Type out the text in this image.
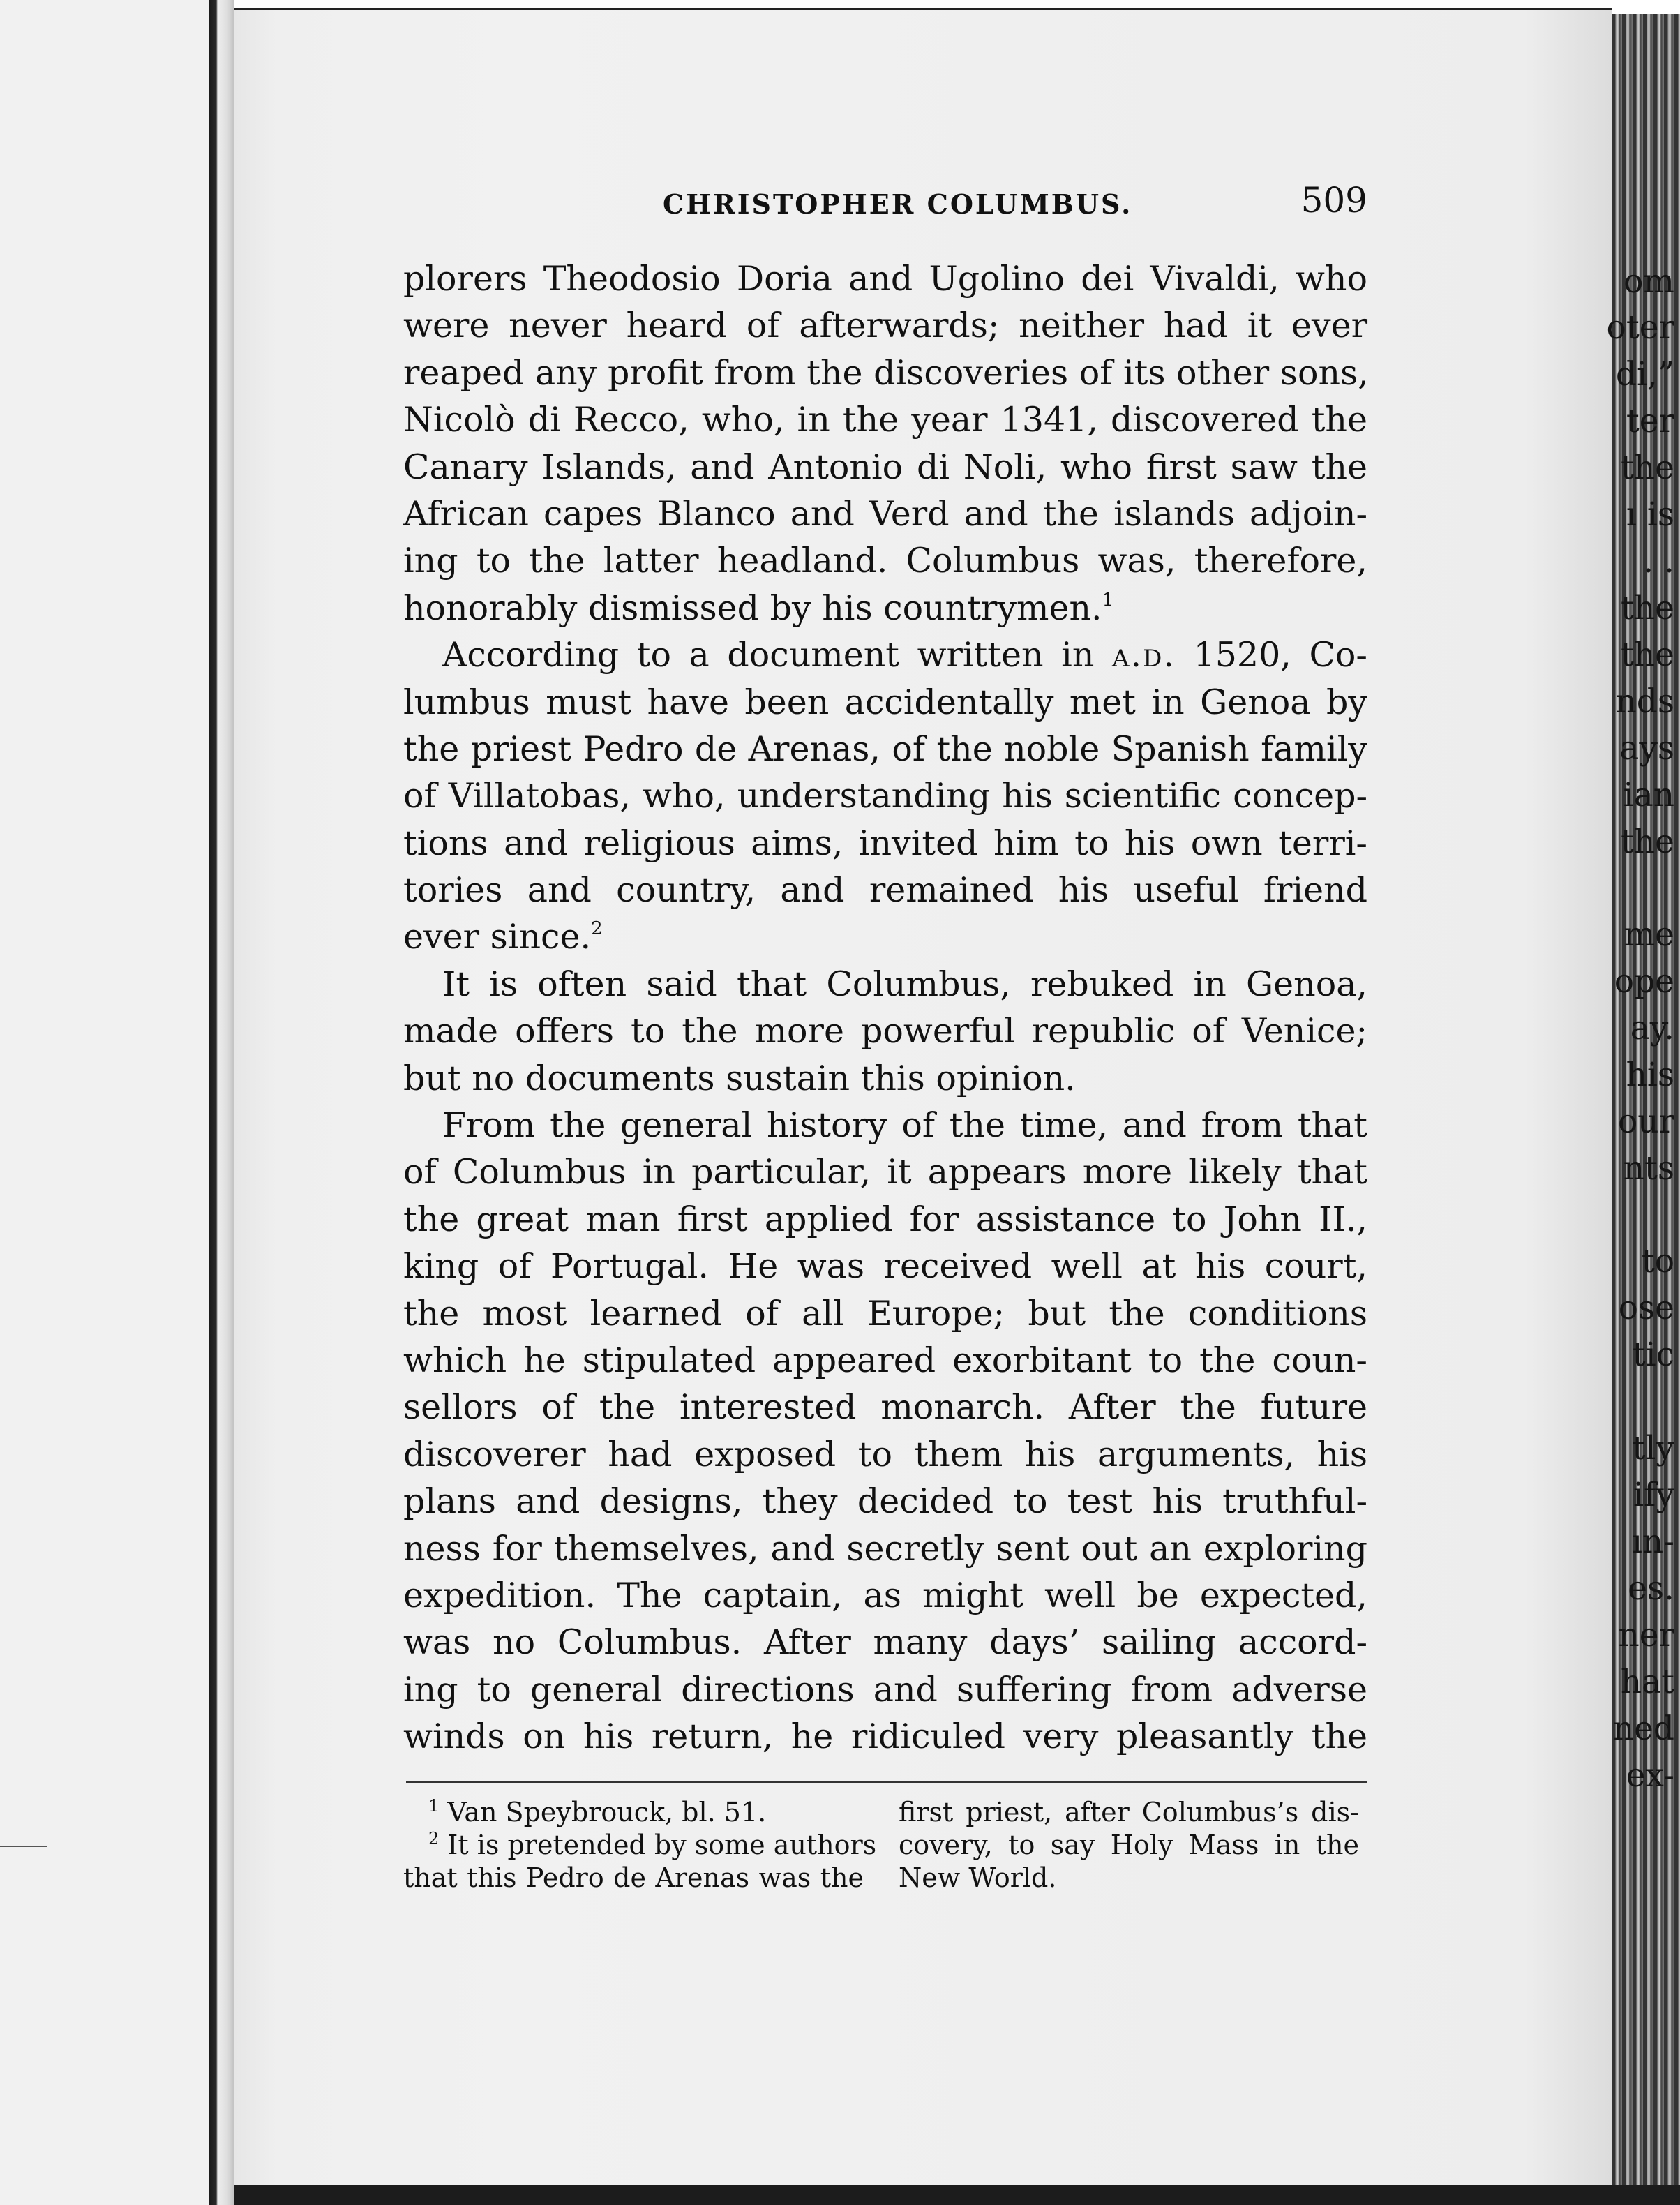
om
oter
di,”
ter
the
ı is
. .
the
the
nds
ays
ian
the
me
ope
ay.
his
our
nts
to
ose
tic
tly
ify
ın-
es.
ner
hat
ned
ex-
CHRISTOPHER COLUMBUS.	509
plorers Theodosio Doria and Ugolino dei Vivaldi, who
were never heard of afterwards; neither had it ever
reaped any profit from the discoveries of its other sons,
Nicolò di Recco, who, in the year 1341, discovered the
Canary Islands, and Antonio di Noli, who first saw the
African capes Blanco and Verd and the islands adjoin-
ing to the latter headland. Columbus was, therefore,
honorably dismissed by his countrymen.$^1$
According to a document written in a.d. 1520, Co-
lumbus must have been accidentally met in Genoa by
the priest Pedro de Arenas, of the noble Spanish family
of Villatobas, who, understanding his scientific concep-
tions and religious aims, invited him to his own terri-
tories and country, and remained his useful friend
ever since.$^2$
It is often said that Columbus, rebuked in Genoa,
made offers to the more powerful republic of Venice;
but no documents sustain this opinion.
From the general history of the time, and from that
of Columbus in particular, it appears more likely that
the great man first applied for assistance to John II.,
king of Portugal. He was received well at his court,
the most learned of all Europe; but the conditions
which he stipulated appeared exorbitant to the coun-
sellors of the interested monarch. After the future
discoverer had exposed to them his arguments, his
plans and designs, they decided to test his truthful-
ness for themselves, and secretly sent out an exploring
expedition. The captain, as might well be expected,
was no Columbus. After many days’ sailing accord-
ing to general directions and suffering from adverse
winds on his return, he ridiculed very pleasantly the
$^1$ Van Speybrouck, bl. 51.
$^2$ It is pretended by some authors
that this Pedro de Arenas was the
first priest, after Columbus’s dis-
covery, to say Holy Mass in the
New World.
